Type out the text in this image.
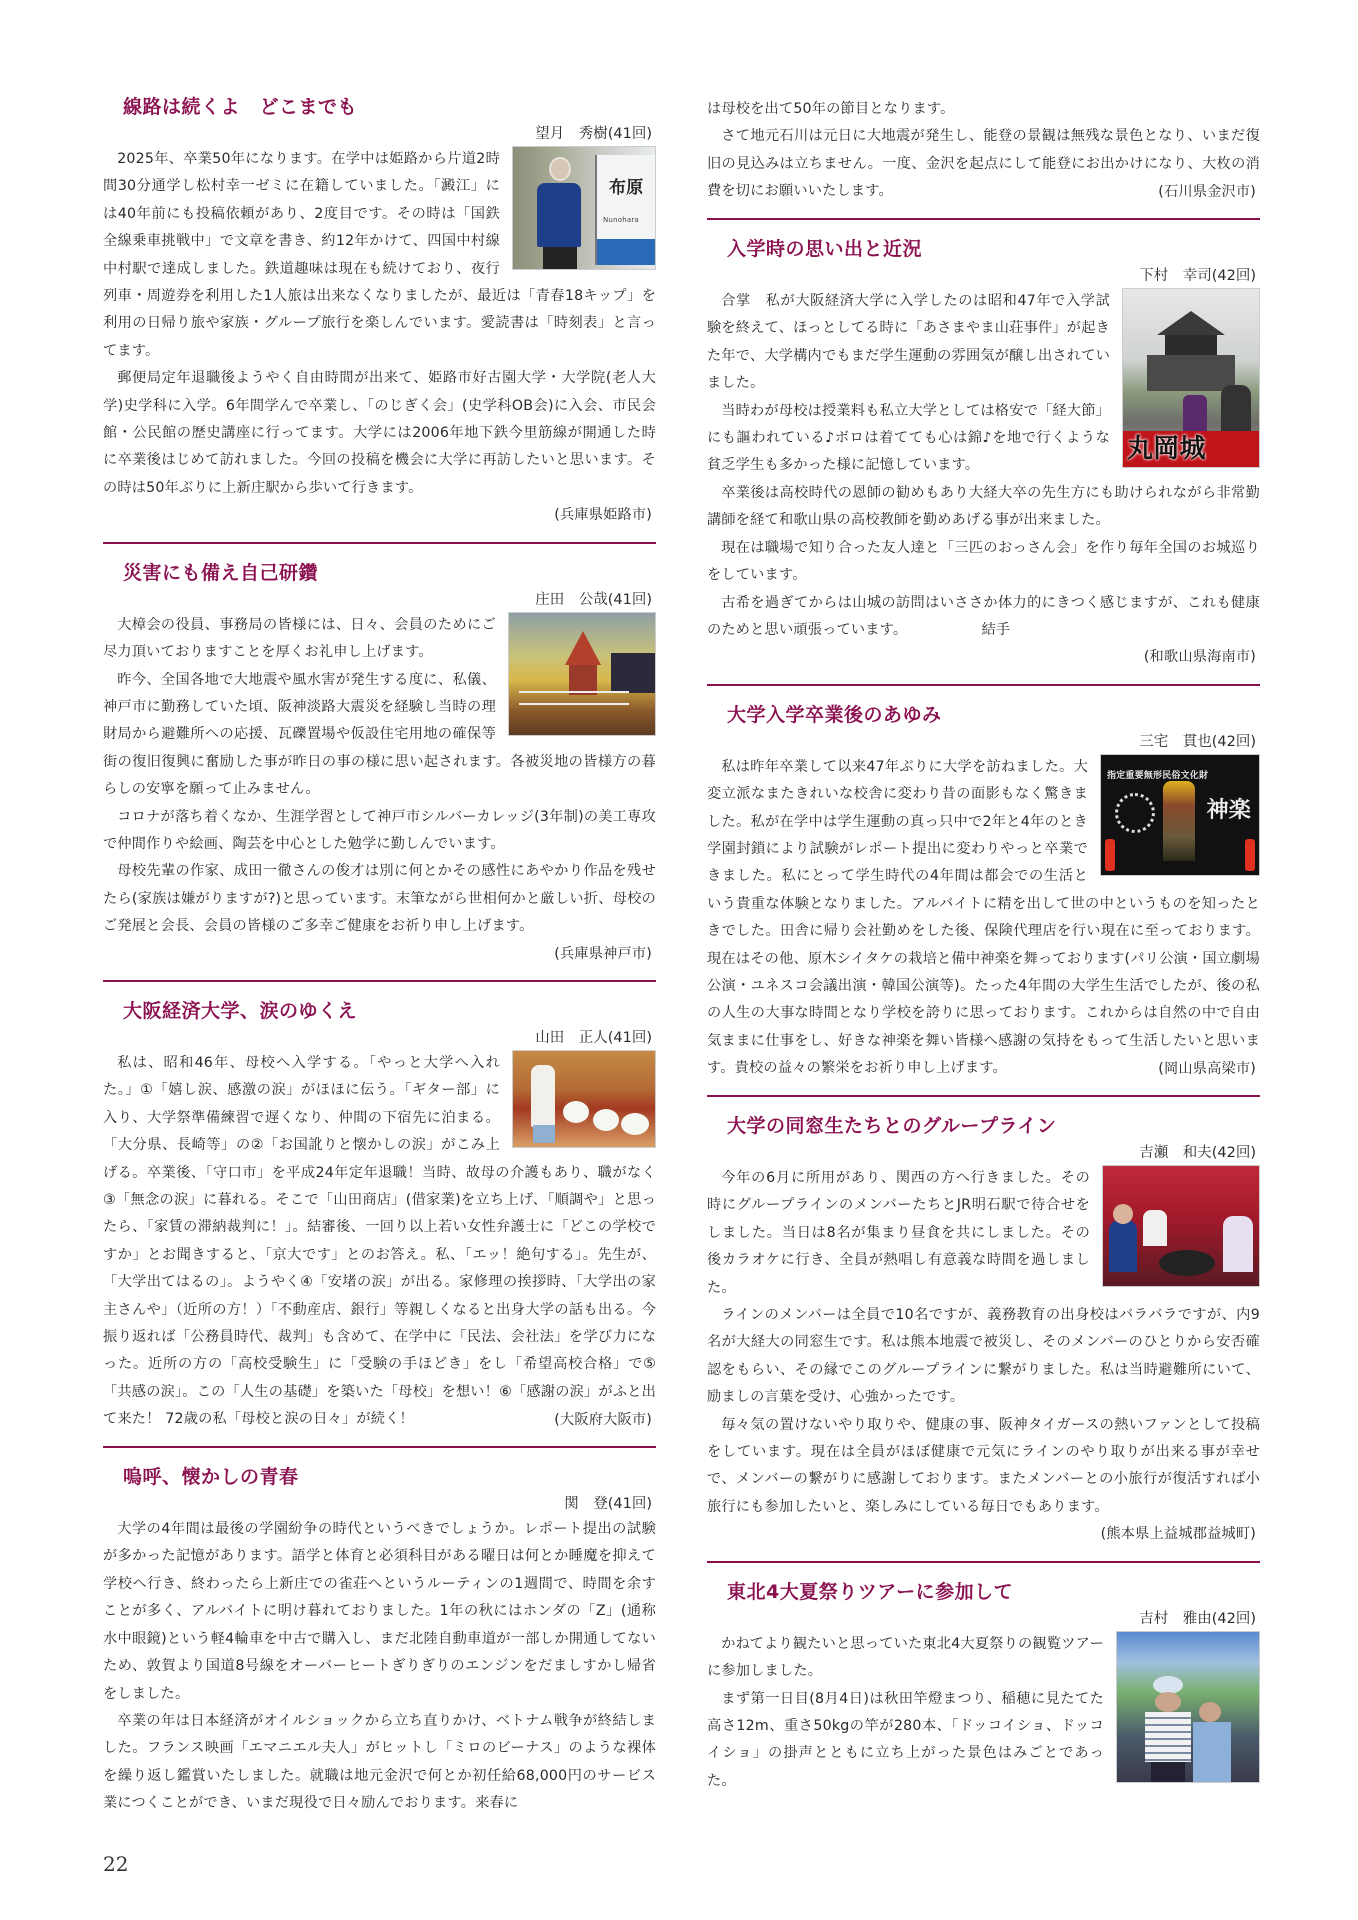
線路は続くよ　どこまでも
望月　秀樹(41回)
布原
Nunohara

2025年、卒業50年になります。在学中は姫路から片道2時間30分通学し松村幸一ゼミに在籍していました。「澱江」には40年前にも投稿依頼があり、2度目です。その時は「国鉄全線乗車挑戦中」で文章を書き、約12年かけて、四国中村線中村駅で達成しました。鉄道趣味は現在も続けており、夜行列車・周遊券を利用した1人旅は出来なくなりましたが、最近は「青春18キップ」を利用の日帰り旅や家族・グループ旅行を楽しんでいます。愛読書は「時刻表」と言ってます。

郵便局定年退職後ようやく自由時間が出来て、姫路市好古園大学・大学院(老人大学)史学科に入学。6年間学んで卒業し、「のじぎく会」(史学科OB会)に入会、市民会館・公民館の歴史講座に行ってます。大学には2006年地下鉄今里筋線が開通した時に卒業後はじめて訪れました。今回の投稿を機会に大学に再訪したいと思います。その時は50年ぶりに上新庄駅から歩いて行きます。

(兵庫県姫路市)
災害にも備え自己研鑽
庄田　公哉(41回)

大樟会の役員、事務局の皆様には、日々、会員のためにご尽力頂いておりますことを厚くお礼申し上げます。

昨今、全国各地で大地震や風水害が発生する度に、私儀、神戸市に勤務していた頃、阪神淡路大震災を経験し当時の理財局から避難所への応援、瓦礫置場や仮設住宅用地の確保等街の復旧復興に奮励した事が昨日の事の様に思い起されます。各被災地の皆様方の暮らしの安寧を願って止みません。

コロナが落ち着くなか、生涯学習として神戸市シルバーカレッジ(3年制)の美工専攻で仲間作りや絵画、陶芸を中心とした勉学に勤しんでいます。

母校先輩の作家、成田一徹さんの俊才は別に何とかその感性にあやかり作品を残せたら(家族は嫌がりますが?)と思っています。末筆ながら世相何かと厳しい折、母校のご発展と会長、会員の皆様のご多幸ご健康をお祈り申し上げます。

(兵庫県神戸市)
大阪経済大学、涙のゆくえ
山田　正人(41回)

私は、昭和46年、母校へ入学する。「やっと大学へ入れた。」①「嬉し涙、感激の涙」がほほに伝う。「ギター部」に入り、大学祭準備練習で遅くなり、仲間の下宿先に泊まる。「大分県、長崎等」の②「お国訛りと懐かしの涙」がこみ上げる。卒業後、「守口市」を平成24年定年退職！当時、故母の介護もあり、職がなく③「無念の涙」に暮れる。そこで「山田商店」(借家業)を立ち上げ、「順調や」と思ったら、「家賃の滞納裁判に！」。結審後、一回り以上若い女性弁護士に「どこの学校ですか」とお聞きすると、「京大です」とのお答え。私、「エッ！絶句する」。先生が、「大学出てはるの」。ようやく④「安堵の涙」が出る。家修理の挨拶時、「大学出の家主さんや」（近所の方！）「不動産店、銀行」等親しくなると出身大学の話も出る。今振り返れば「公務員時代、裁判」も含めて、在学中に「民法、会社法」を学び力になった。近所の方の「高校受験生」に「受験の手ほどき」をし「希望高校合格」で⑤「共感の涙」。この「人生の基礎」を築いた「母校」を想い！⑥「感謝の涙」がふと出て来た！ 72歳の私「母校と涙の日々」が続く！	(大阪府大阪市)
嗚呼、懐かしの青春
関　登(41回)

大学の4年間は最後の学園紛争の時代というべきでしょうか。レポート提出の試験が多かった記憶があります。語学と体育と必須科目がある曜日は何とか睡魔を抑えて学校へ行き、終わったら上新庄での雀荘へというルーティンの1週間で、時間を余すことが多く、アルバイトに明け暮れておりました。1年の秋にはホンダの「Z」(通称水中眼鏡)という軽4輪車を中古で購入し、まだ北陸自動車道が一部しか開通してないため、敦賀より国道8号線をオーバーヒートぎりぎりのエンジンをだましすかし帰省をしました。

卒業の年は日本経済がオイルショックから立ち直りかけ、ベトナム戦争が終結しました。フランス映画「エマニエル夫人」がヒットし「ミロのビーナス」のような裸体を繰り返し鑑賞いたしました。就職は地元金沢で何とか初任給68,000円のサービス業につくことができ、いまだ現役で日々励んでおります。来春に

は母校を出て50年の節目となります。

さて地元石川は元日に大地震が発生し、能登の景観は無残な景色となり、いまだ復旧の見込みは立ちません。一度、金沢を起点にして能登にお出かけになり、大枚の消費を切にお願いいたします。	(石川県金沢市)
入学時の思い出と近況
下村　幸司(42回)
丸岡城

合掌　私が大阪経済大学に入学したのは昭和47年で入学試験を終えて、ほっとしてる時に「あさまやま山荘事件」が起きた年で、大学構内でもまだ学生運動の雰囲気が醸し出されていました。

当時わが母校は授業料も私立大学としては格安で「経大節」にも謳われている♪ボロは着てても心は錦♪を地で行くような貧乏学生も多かった様に記憶しています。

卒業後は高校時代の恩師の勧めもあり大経大卒の先生方にも助けられながら非常勤講師を経て和歌山県の高校教師を勤めあげる事が出来ました。

現在は職場で知り合った友人達と「三匹のおっさん会」を作り毎年全国のお城巡りをしています。

古希を過ぎてからは山城の訪問はいささか体力的にきつく感じますが、これも健康のためと思い頑張っています。	結手

(和歌山県海南市)
大学入学卒業後のあゆみ
三宅　貫也(42回)
指定重要無形民俗文化財
神楽

私は昨年卒業して以来47年ぶりに大学を訪ねました。大変立派なまたきれいな校舎に変わり昔の面影もなく驚きました。私が在学中は学生運動の真っ只中で2年と4年のとき学園封鎖により試験がレポート提出に変わりやっと卒業できました。私にとって学生時代の4年間は都会での生活という貴重な体験となりました。アルバイトに精を出して世の中というものを知ったときでした。田舎に帰り会社勤めをした後、保険代理店を行い現在に至っております。現在はその他、原木シイタケの栽培と備中神楽を舞っております(パリ公演・国立劇場公演・ユネスコ会議出演・韓国公演等)。たった4年間の大学生生活でしたが、後の私の人生の大事な時間となり学校を誇りに思っております。これからは自然の中で自由気ままに仕事をし、好きな神楽を舞い皆様へ感謝の気持をもって生活したいと思います。貴校の益々の繁栄をお祈り申し上げます。	(岡山県高梁市)
大学の同窓生たちとのグループライン
吉瀬　和夫(42回)

今年の6月に所用があり、関西の方へ行きました。その時にグループラインのメンバーたちとJR明石駅で待合せをしました。当日は8名が集まり昼食を共にしました。その後カラオケに行き、全員が熱唱し有意義な時間を過しました。

ラインのメンバーは全員で10名ですが、義務教育の出身校はバラバラですが、内9名が大経大の同窓生です。私は熊本地震で被災し、そのメンバーのひとりから安否確認をもらい、その縁でこのグループラインに繋がりました。私は当時避難所にいて、励ましの言葉を受け、心強かったです。

毎々気の置けないやり取りや、健康の事、阪神タイガースの熱いファンとして投稿をしています。現在は全員がほぼ健康で元気にラインのやり取りが出来る事が幸せで、メンバーの繋がりに感謝しております。またメンバーとの小旅行が復活すれば小旅行にも参加したいと、楽しみにしている毎日でもあります。

(熊本県上益城郡益城町)
東北4大夏祭りツアーに参加して
吉村　雅由(42回)

かねてより観たいと思っていた東北4大夏祭りの観覧ツアーに参加しました。

まず第一日目(8月4日)は秋田竿燈まつり、稲穂に見たてた高さ12m、重さ50kgの竿が280本、「ドッコイショ、ドッコイショ」の掛声とともに立ち上がった景色はみごとであった。

22
